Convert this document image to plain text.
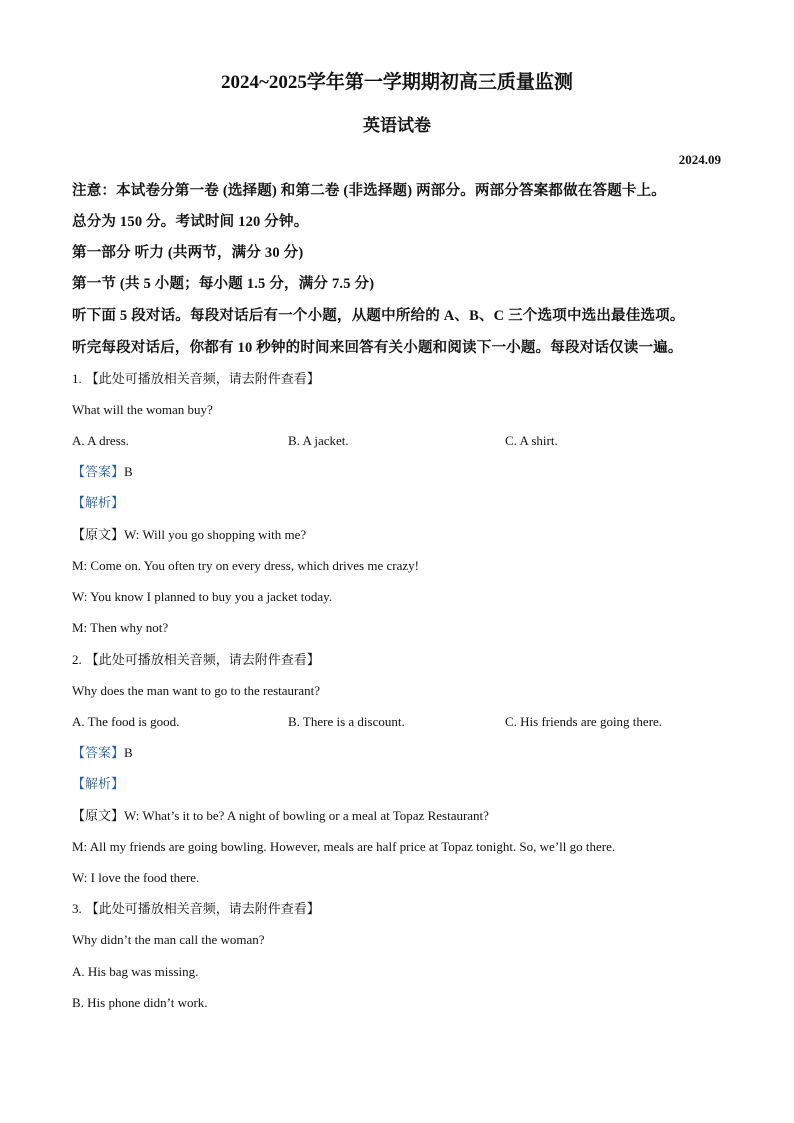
2024~2025学年第一学期期初高三质量监测
英语试卷
2024.09
注意：本试卷分第一卷 (选择题) 和第二卷 (非选择题) 两部分。两部分答案都做在答题卡上。
总分为 150 分。考试时间 120 分钟。
第一部分 听力 (共两节，满分 30 分)
第一节 (共 5 小题；每小题 1.5 分，满分 7.5 分)
听下面 5 段对话。每段对话后有一个小题，从题中所给的 A、B、C 三个选项中选出最佳选项。
听完每段对话后，你都有 10 秒钟的时间来回答有关小题和阅读下一小题。每段对话仅读一遍。
1. 【此处可播放相关音频，请去附件查看】
What will the woman buy?
A. A dress.	B. A jacket.	C. A shirt.
【答案】B
【解析】
【原文】W: Will you go shopping with me?
M: Come on. You often try on every dress, which drives me crazy!
W: You know I planned to buy you a jacket today.
M: Then why not?
2. 【此处可播放相关音频，请去附件查看】
Why does the man want to go to the restaurant?
A. The food is good.	B. There is a discount.	C. His friends are going there.
【答案】B
【解析】
【原文】W: What’s it to be? A night of bowling or a meal at Topaz Restaurant?
M: All my friends are going bowling. However, meals are half price at Topaz tonight. So, we’ll go there.
W: I love the food there.
3. 【此处可播放相关音频，请去附件查看】
Why didn’t the man call the woman?
A. His bag was missing.
B. His phone didn’t work.
